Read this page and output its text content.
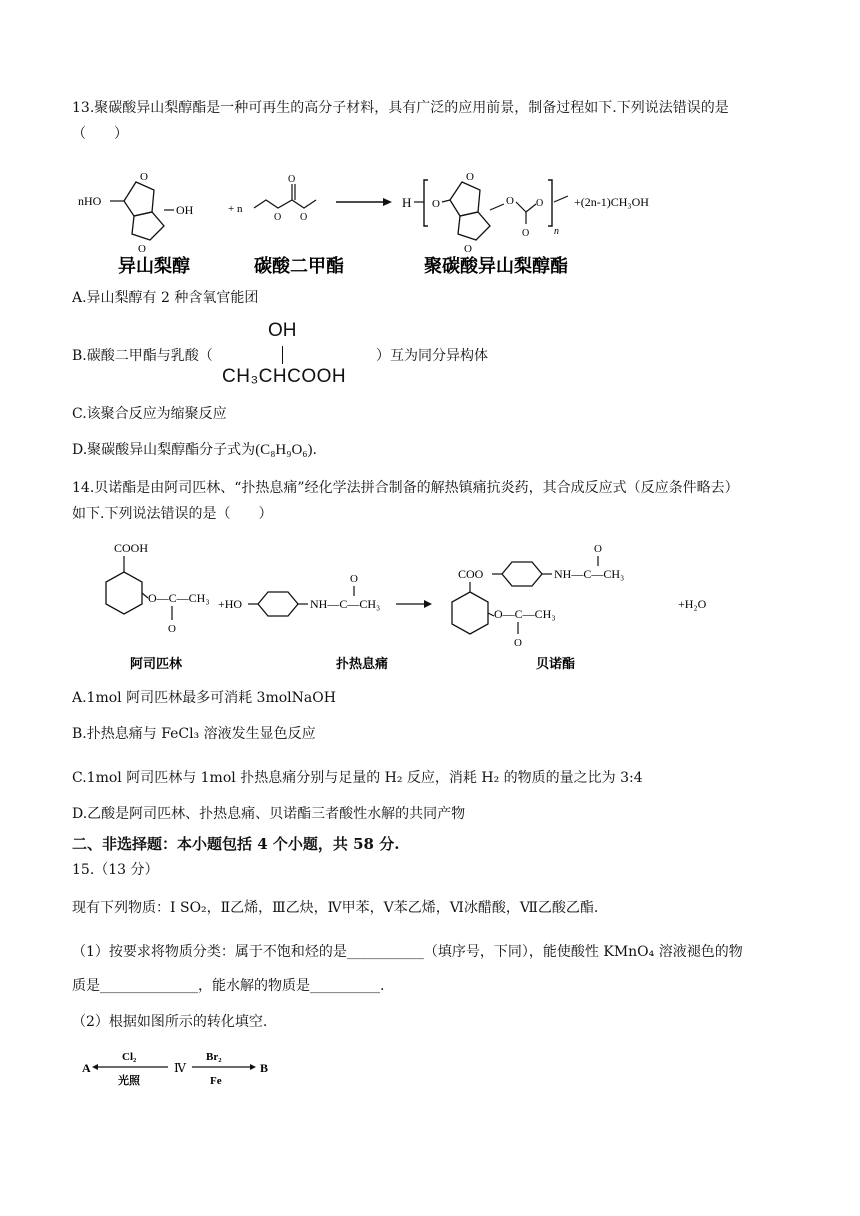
13.聚碳酸异山梨醇酯是一种可再生的高分子材料，具有广泛的应用前景，制备过程如下.下列说法错误的是
（　　）
nHO
O
O
OH	+ n
O
O O
H O
O
O
O
O
O
n
+(2n-1)CH₃OH
异山梨醇	碳酸二甲酯	聚碳酸异山梨醇酯
A.异山梨醇有 2 种含氧官能团
B.碳酸二甲酯与乳酸（
OH
CH₃CHCOOH
）互为同分异构体
C.该聚合反应为缩聚反应
D.聚碳酸异山梨醇酯分子式为(C₈H₉O₆).
14.贝诺酯是由阿司匹林、“扑热息痛”经化学法拼合制备的解热镇痛抗炎药，其合成反应式（反应条件略去）
如下.下列说法错误的是（　　）
COOH
O—C—CH₃
O
+HO	NH—C—CH₃
O	COO	NH—C—CH₃
O
O—C—CH₃
O
+H₂O
阿司匹林	扑热息痛	贝诺酯
A.1mol 阿司匹林最多可消耗 3molNaOH
B.扑热息痛与 FeCl₃ 溶液发生显色反应
C.1mol 阿司匹林与 1mol 扑热息痛分别与足量的 H₂ 反应，消耗 H₂ 的物质的量之比为 3:4
D.乙酸是阿司匹林、扑热息痛、贝诺酯三者酸性水解的共同产物
二、非选择题：本小题包括 4 个小题，共 58 分.
15.（13 分）
现有下列物质：Ⅰ SO₂，Ⅱ乙烯，Ⅲ乙炔，Ⅳ甲苯，Ⅴ苯乙烯，Ⅵ冰醋酸，Ⅶ乙酸乙酯.
（1）按要求将物质分类：属于不饱和烃的是___________（填序号，下同），能使酸性 KMnO₄ 溶液褪色的物
质是______________，能水解的物质是__________.
（2）根据如图所示的转化填空.
A
Cl₂
光照
Ⅳ
Br₂
Fe
B
